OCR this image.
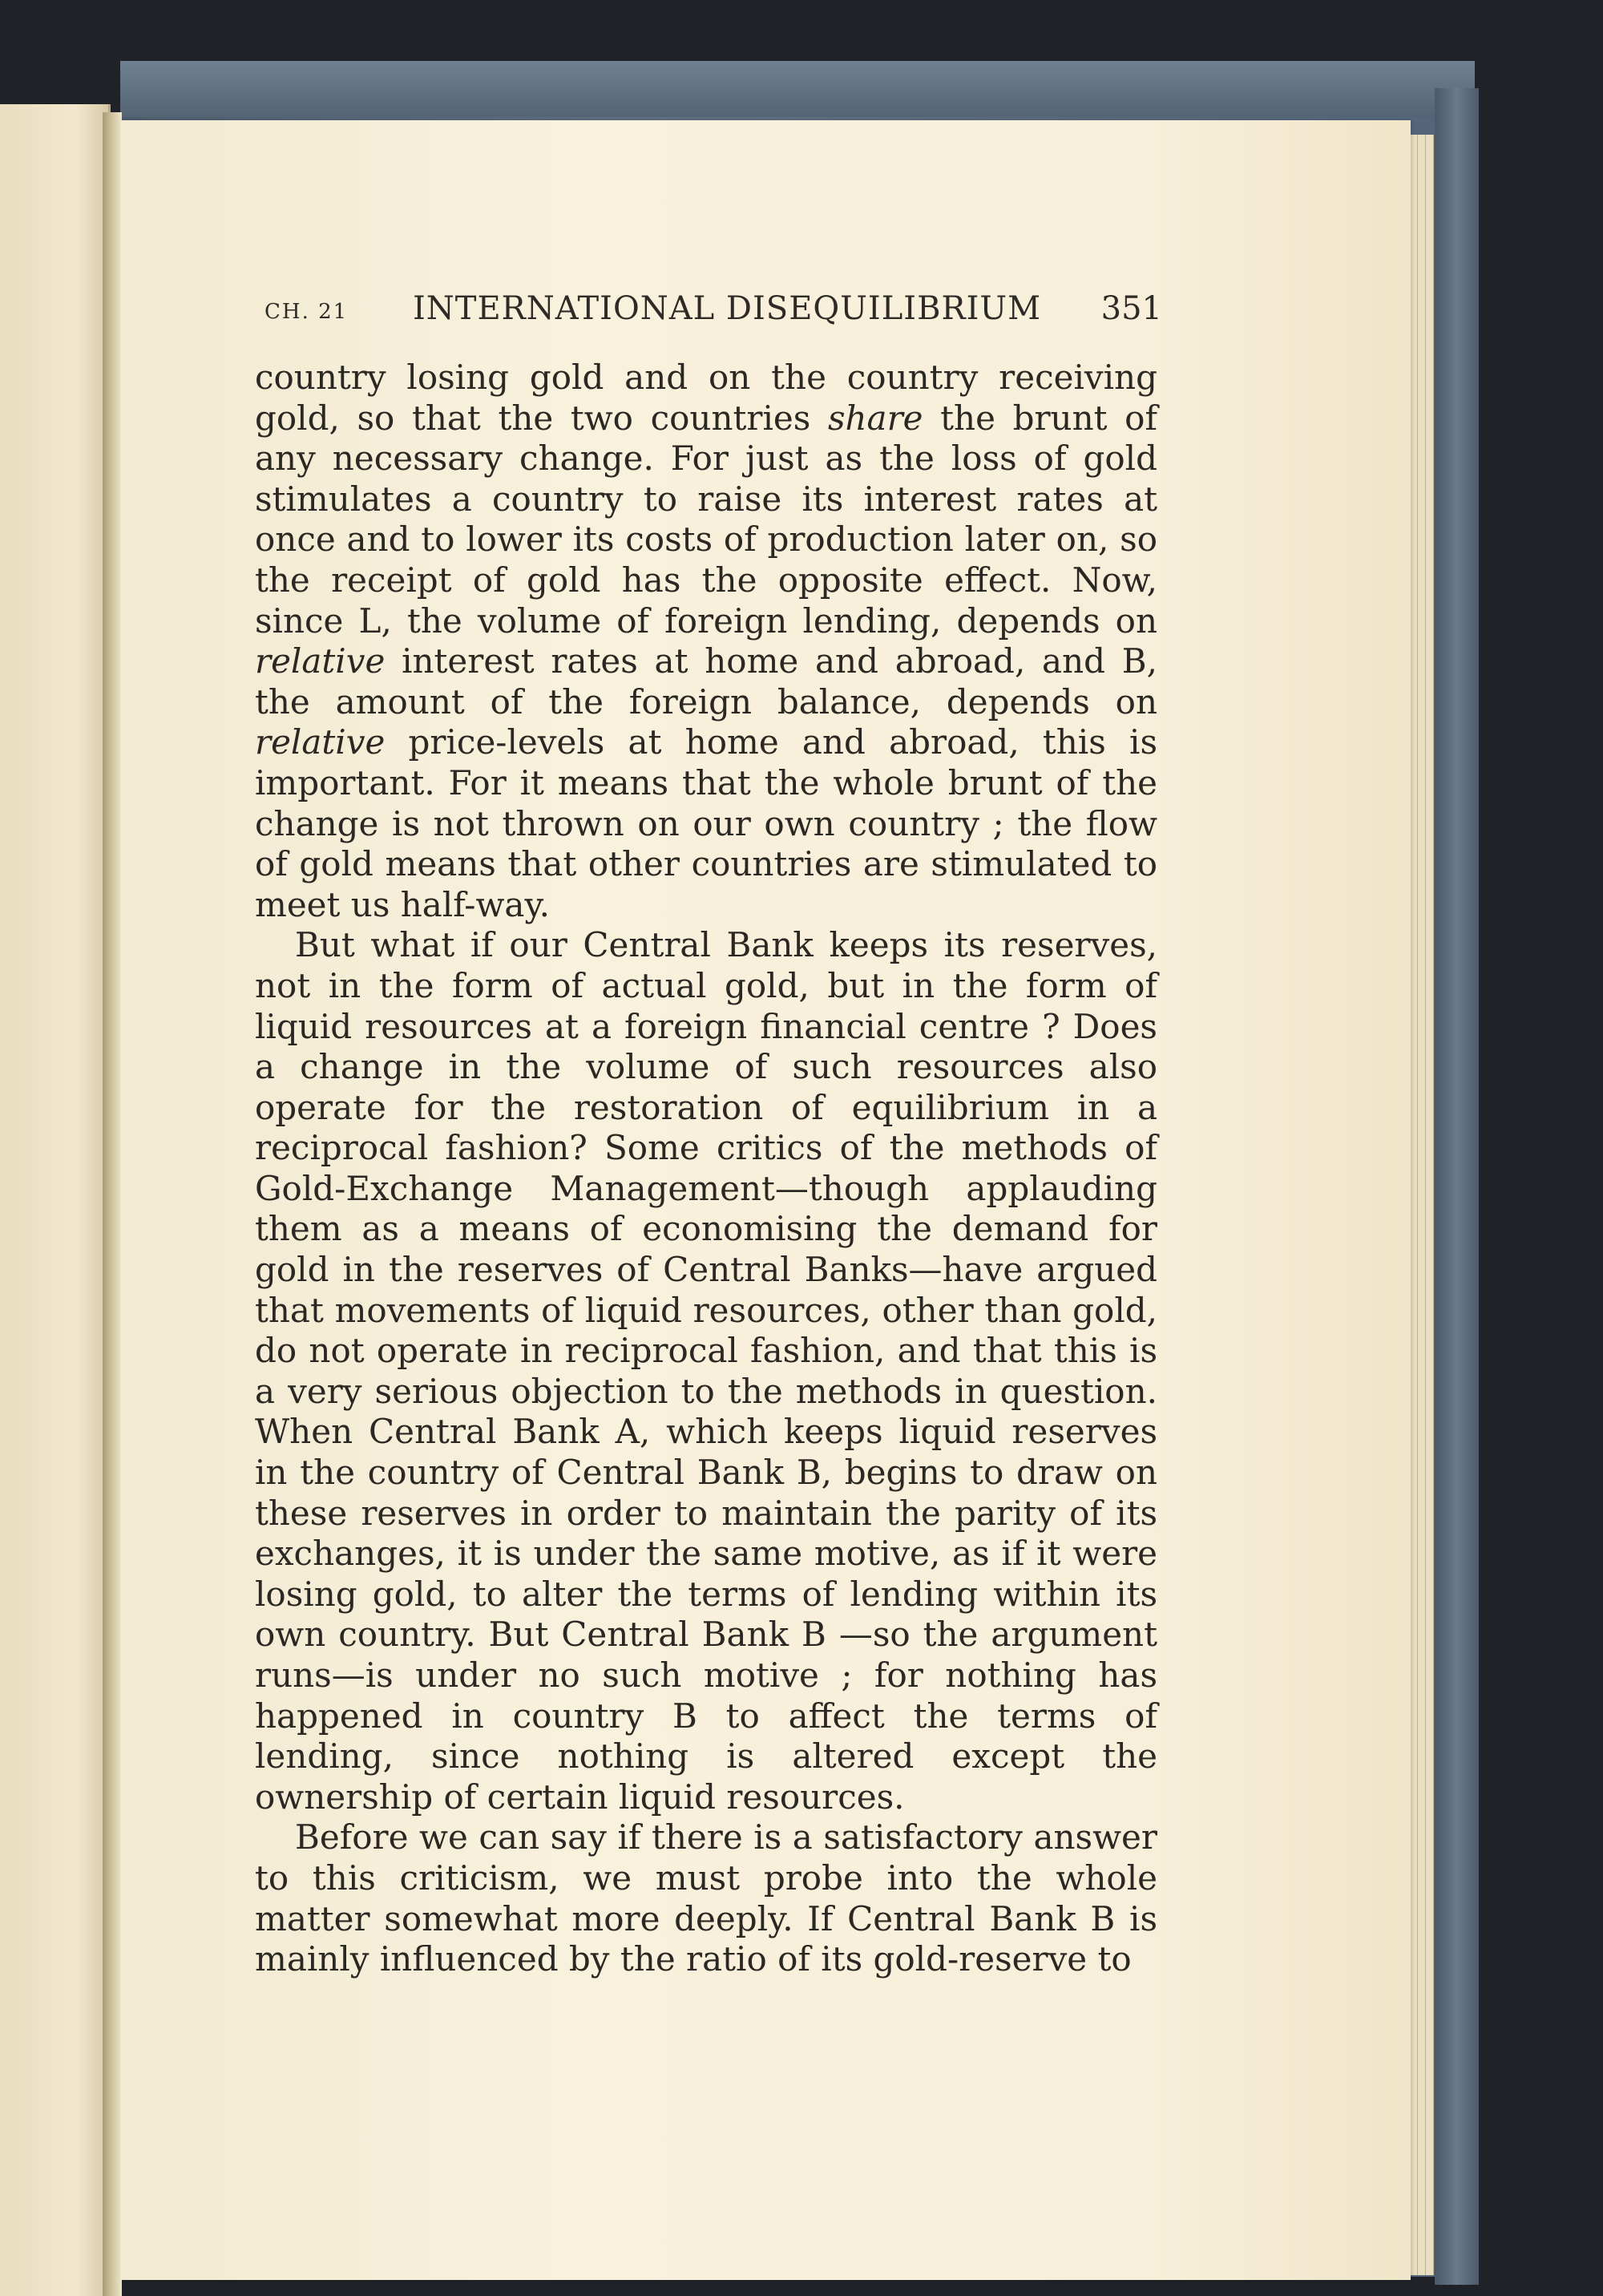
CH. 21 INTERNATIONAL DISEQUILIBRIUM 351

country losing gold and on the country receiving gold, so that the two countries share the brunt of any necessary change. For just as the loss of gold stimulates a country to raise its interest rates at once and to lower its costs of production later on, so the receipt of gold has the opposite effect. Now, since L, the volume of foreign lending, depends on relative interest rates at home and abroad, and B, the amount of the foreign balance, depends on relative price-levels at home and abroad, this is important. For it means that the whole brunt of the change is not thrown on our own country ; the flow of gold means that other countries are stimulated to meet us half-way.

But what if our Central Bank keeps its reserves, not in the form of actual gold, but in the form of liquid resources at a foreign financial centre ? Does a change in the volume of such resources also operate for the restoration of equilibrium in a reciprocal fashion? Some critics of the methods of Gold-Exchange Management—though applauding them as a means of economising the demand for gold in the reserves of Central Banks—have argued that movements of liquid resources, other than gold, do not operate in reciprocal fashion, and that this is a very serious objection to the methods in question. When Central Bank A, which keeps liquid reserves in the country of Central Bank B, begins to draw on these reserves in order to maintain the parity of its exchanges, it is under the same motive, as if it were losing gold, to alter the terms of lending within its own country. But Central Bank B —so the argument runs—is under no such motive ; for nothing has happened in country B to affect the terms of lending, since nothing is altered except the ownership of certain liquid resources.

Before we can say if there is a satisfactory answer to this criticism, we must probe into the whole matter somewhat more deeply. If Central Bank B is mainly influenced by the ratio of its gold-reserve to
